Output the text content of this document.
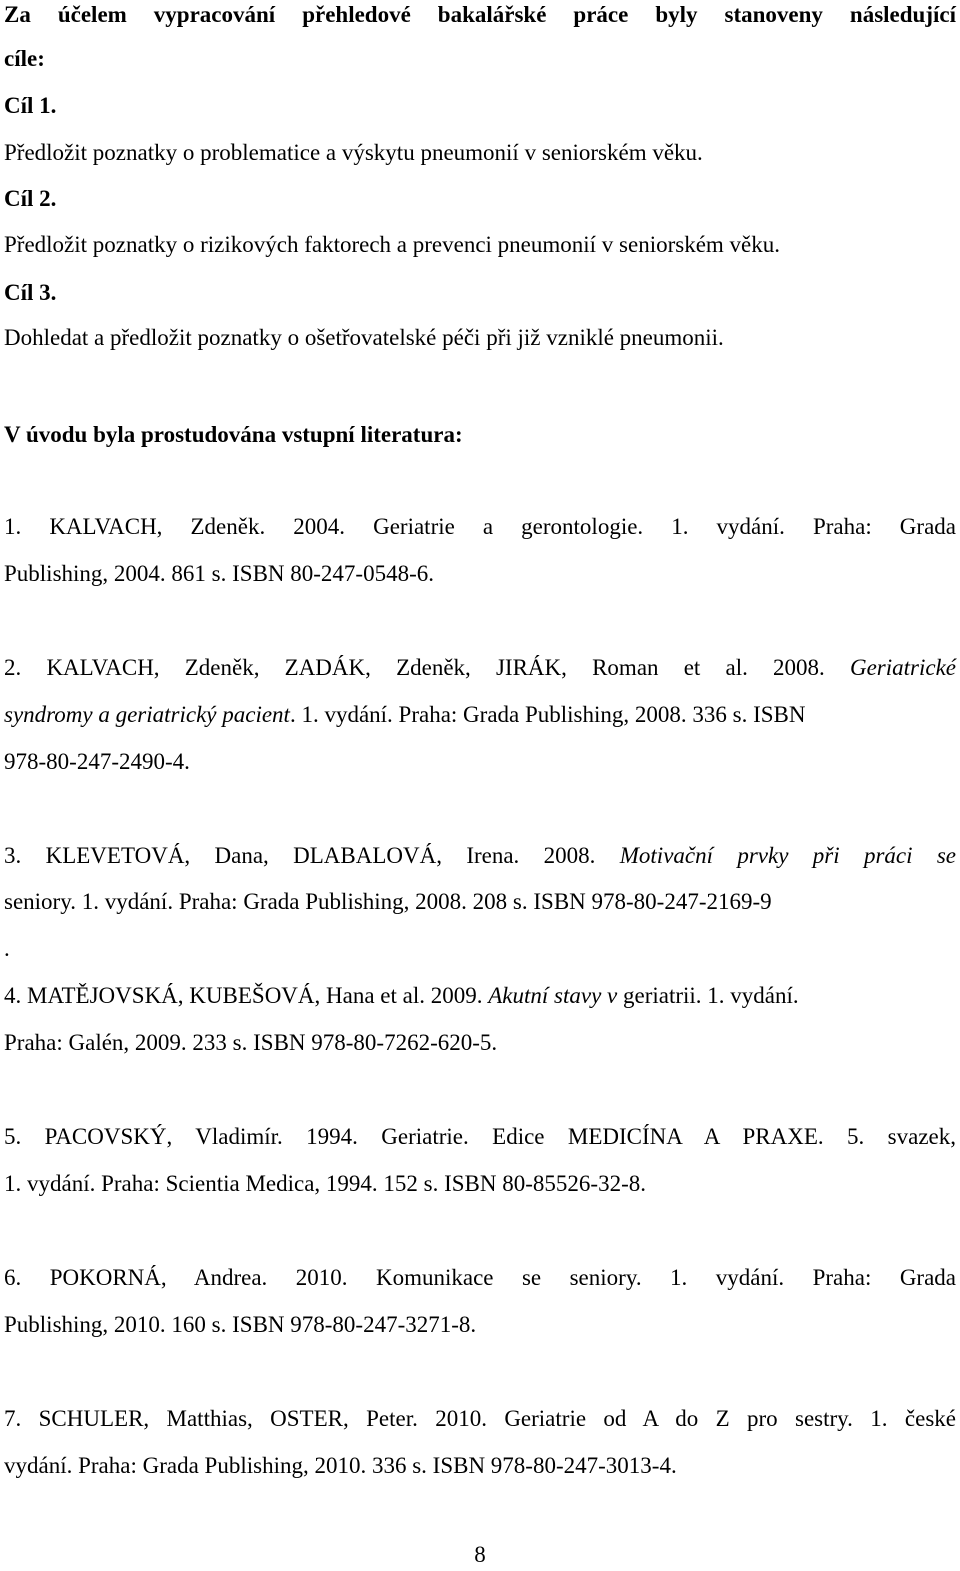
Za účelem vypracování přehledové bakalářské práce byly stanoveny následující
cíle:
Cíl 1.
Předložit poznatky o problematice a výskytu pneumonií v seniorském věku.
Cíl 2.
Předložit poznatky o rizikových faktorech a prevenci pneumonií v seniorském věku.
Cíl 3.
Dohledat a předložit poznatky o ošetřovatelské péči při již vzniklé pneumonii.
V úvodu byla prostudována vstupní literatura:
1. KALVACH, Zdeněk. 2004. Geriatrie a gerontologie. 1. vydání. Praha: Grada
Publishing, 2004. 861 s. ISBN 80-247-0548-6.
2. KALVACH, Zdeněk, ZADÁK, Zdeněk, JIRÁK, Roman et al. 2008. Geriatrické
syndromy a geriatrický pacient. 1. vydání. Praha: Grada Publishing, 2008. 336 s. ISBN
978-80-247-2490-4.
3. KLEVETOVÁ, Dana, DLABALOVÁ, Irena. 2008. Motivační prvky při práci se
seniory. 1. vydání. Praha: Grada Publishing, 2008. 208 s. ISBN 978-80-247-2169-9
.
4. MATĚJOVSKÁ, KUBEŠOVÁ, Hana et al. 2009. Akutní stavy v geriatrii. 1. vydání.
Praha: Galén, 2009. 233 s. ISBN 978-80-7262-620-5.
5. PACOVSKÝ, Vladimír. 1994. Geriatrie. Edice MEDICÍNA A PRAXE. 5. svazek,
1. vydání. Praha: Scientia Medica, 1994. 152 s. ISBN 80-85526-32-8.
6. POKORNÁ, Andrea. 2010. Komunikace se seniory. 1. vydání. Praha: Grada
Publishing, 2010. 160 s. ISBN 978-80-247-3271-8.
7. SCHULER, Matthias, OSTER, Peter. 2010. Geriatrie od A do Z pro sestry. 1. české
vydání. Praha: Grada Publishing, 2010. 336 s. ISBN 978-80-247-3013-4.
8
